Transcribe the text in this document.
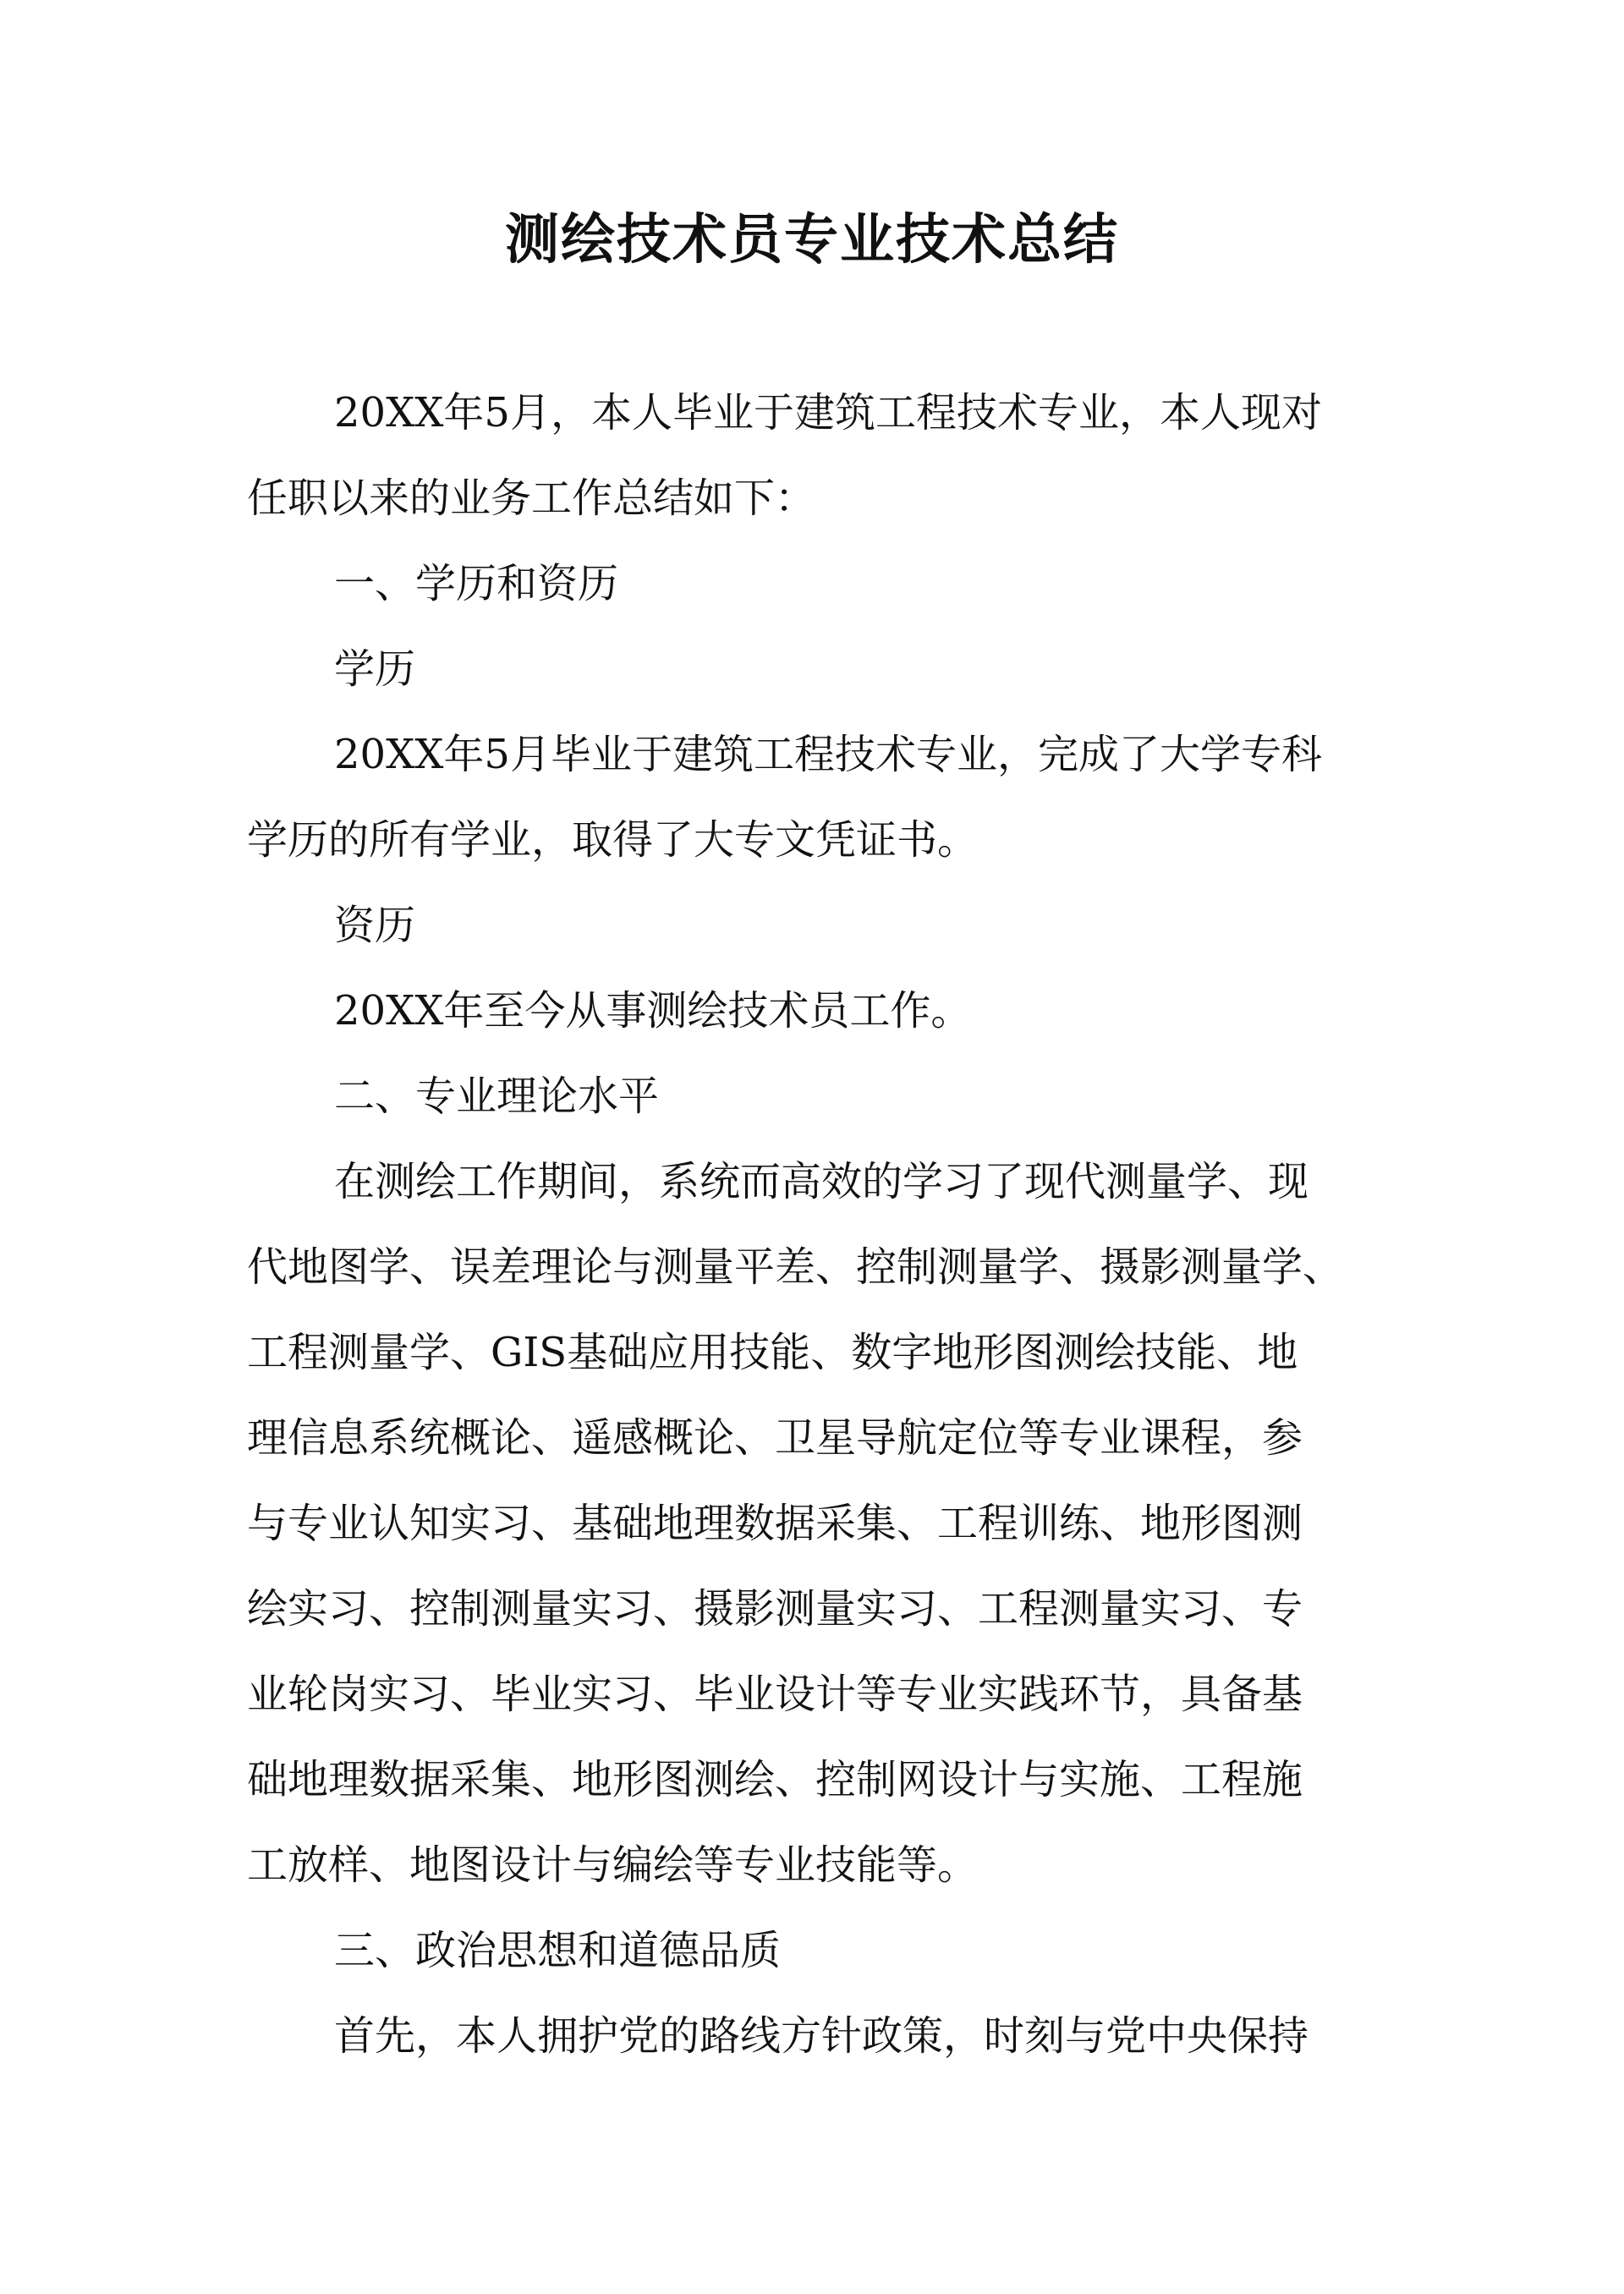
测绘技术员专业技术总结
20XX年5月，本人毕业于建筑工程技术专业，本人现对
任职以来的业务工作总结如下：
一、学历和资历
学历
20XX年5月毕业于建筑工程技术专业，完成了大学专科
学历的所有学业，取得了大专文凭证书。
资历
20XX年至今从事测绘技术员工作。
二、专业理论水平
在测绘工作期间，系统而高效的学习了现代测量学、现
代地图学、误差理论与测量平差、控制测量学、摄影测量学、
工程测量学、GIS基础应用技能、数字地形图测绘技能、地
理信息系统概论、遥感概论、卫星导航定位等专业课程，参
与专业认知实习、基础地理数据采集、工程训练、地形图测
绘实习、控制测量实习、摄影测量实习、工程测量实习、专
业轮岗实习、毕业实习、毕业设计等专业实践环节，具备基
础地理数据采集、地形图测绘、控制网设计与实施、工程施
工放样、地图设计与编绘等专业技能等。
三、政治思想和道德品质
首先，本人拥护党的路线方针政策，时刻与党中央保持
